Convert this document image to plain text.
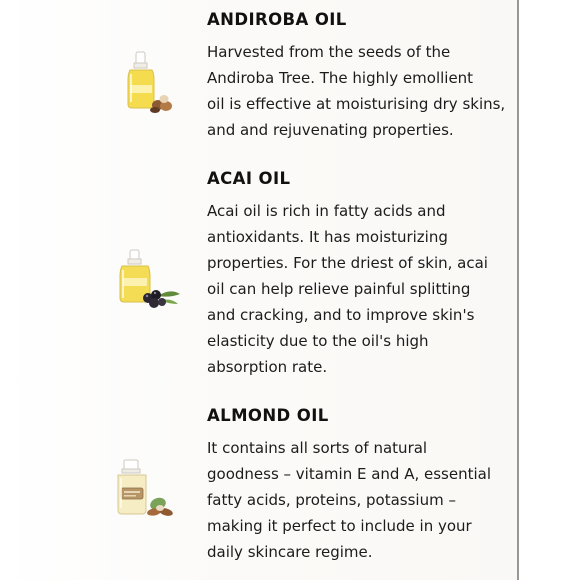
ANDIROBA OIL
Harvested from the seeds of the
Andiroba Tree. The highly emollient
oil is effective at moisturising dry skins,
and and rejuvenating properties.
ACAI OIL
Acai oil is rich in fatty acids and
antioxidants. It has moisturizing
properties. For the driest of skin, acai
oil can help relieve painful splitting
and cracking, and to improve skin's
elasticity due to the oil's high
absorption rate.
ALMOND OIL
It contains all sorts of natural
goodness – vitamin E and A, essential
fatty acids, proteins, potassium –
making it perfect to include in your
daily skincare regime.
